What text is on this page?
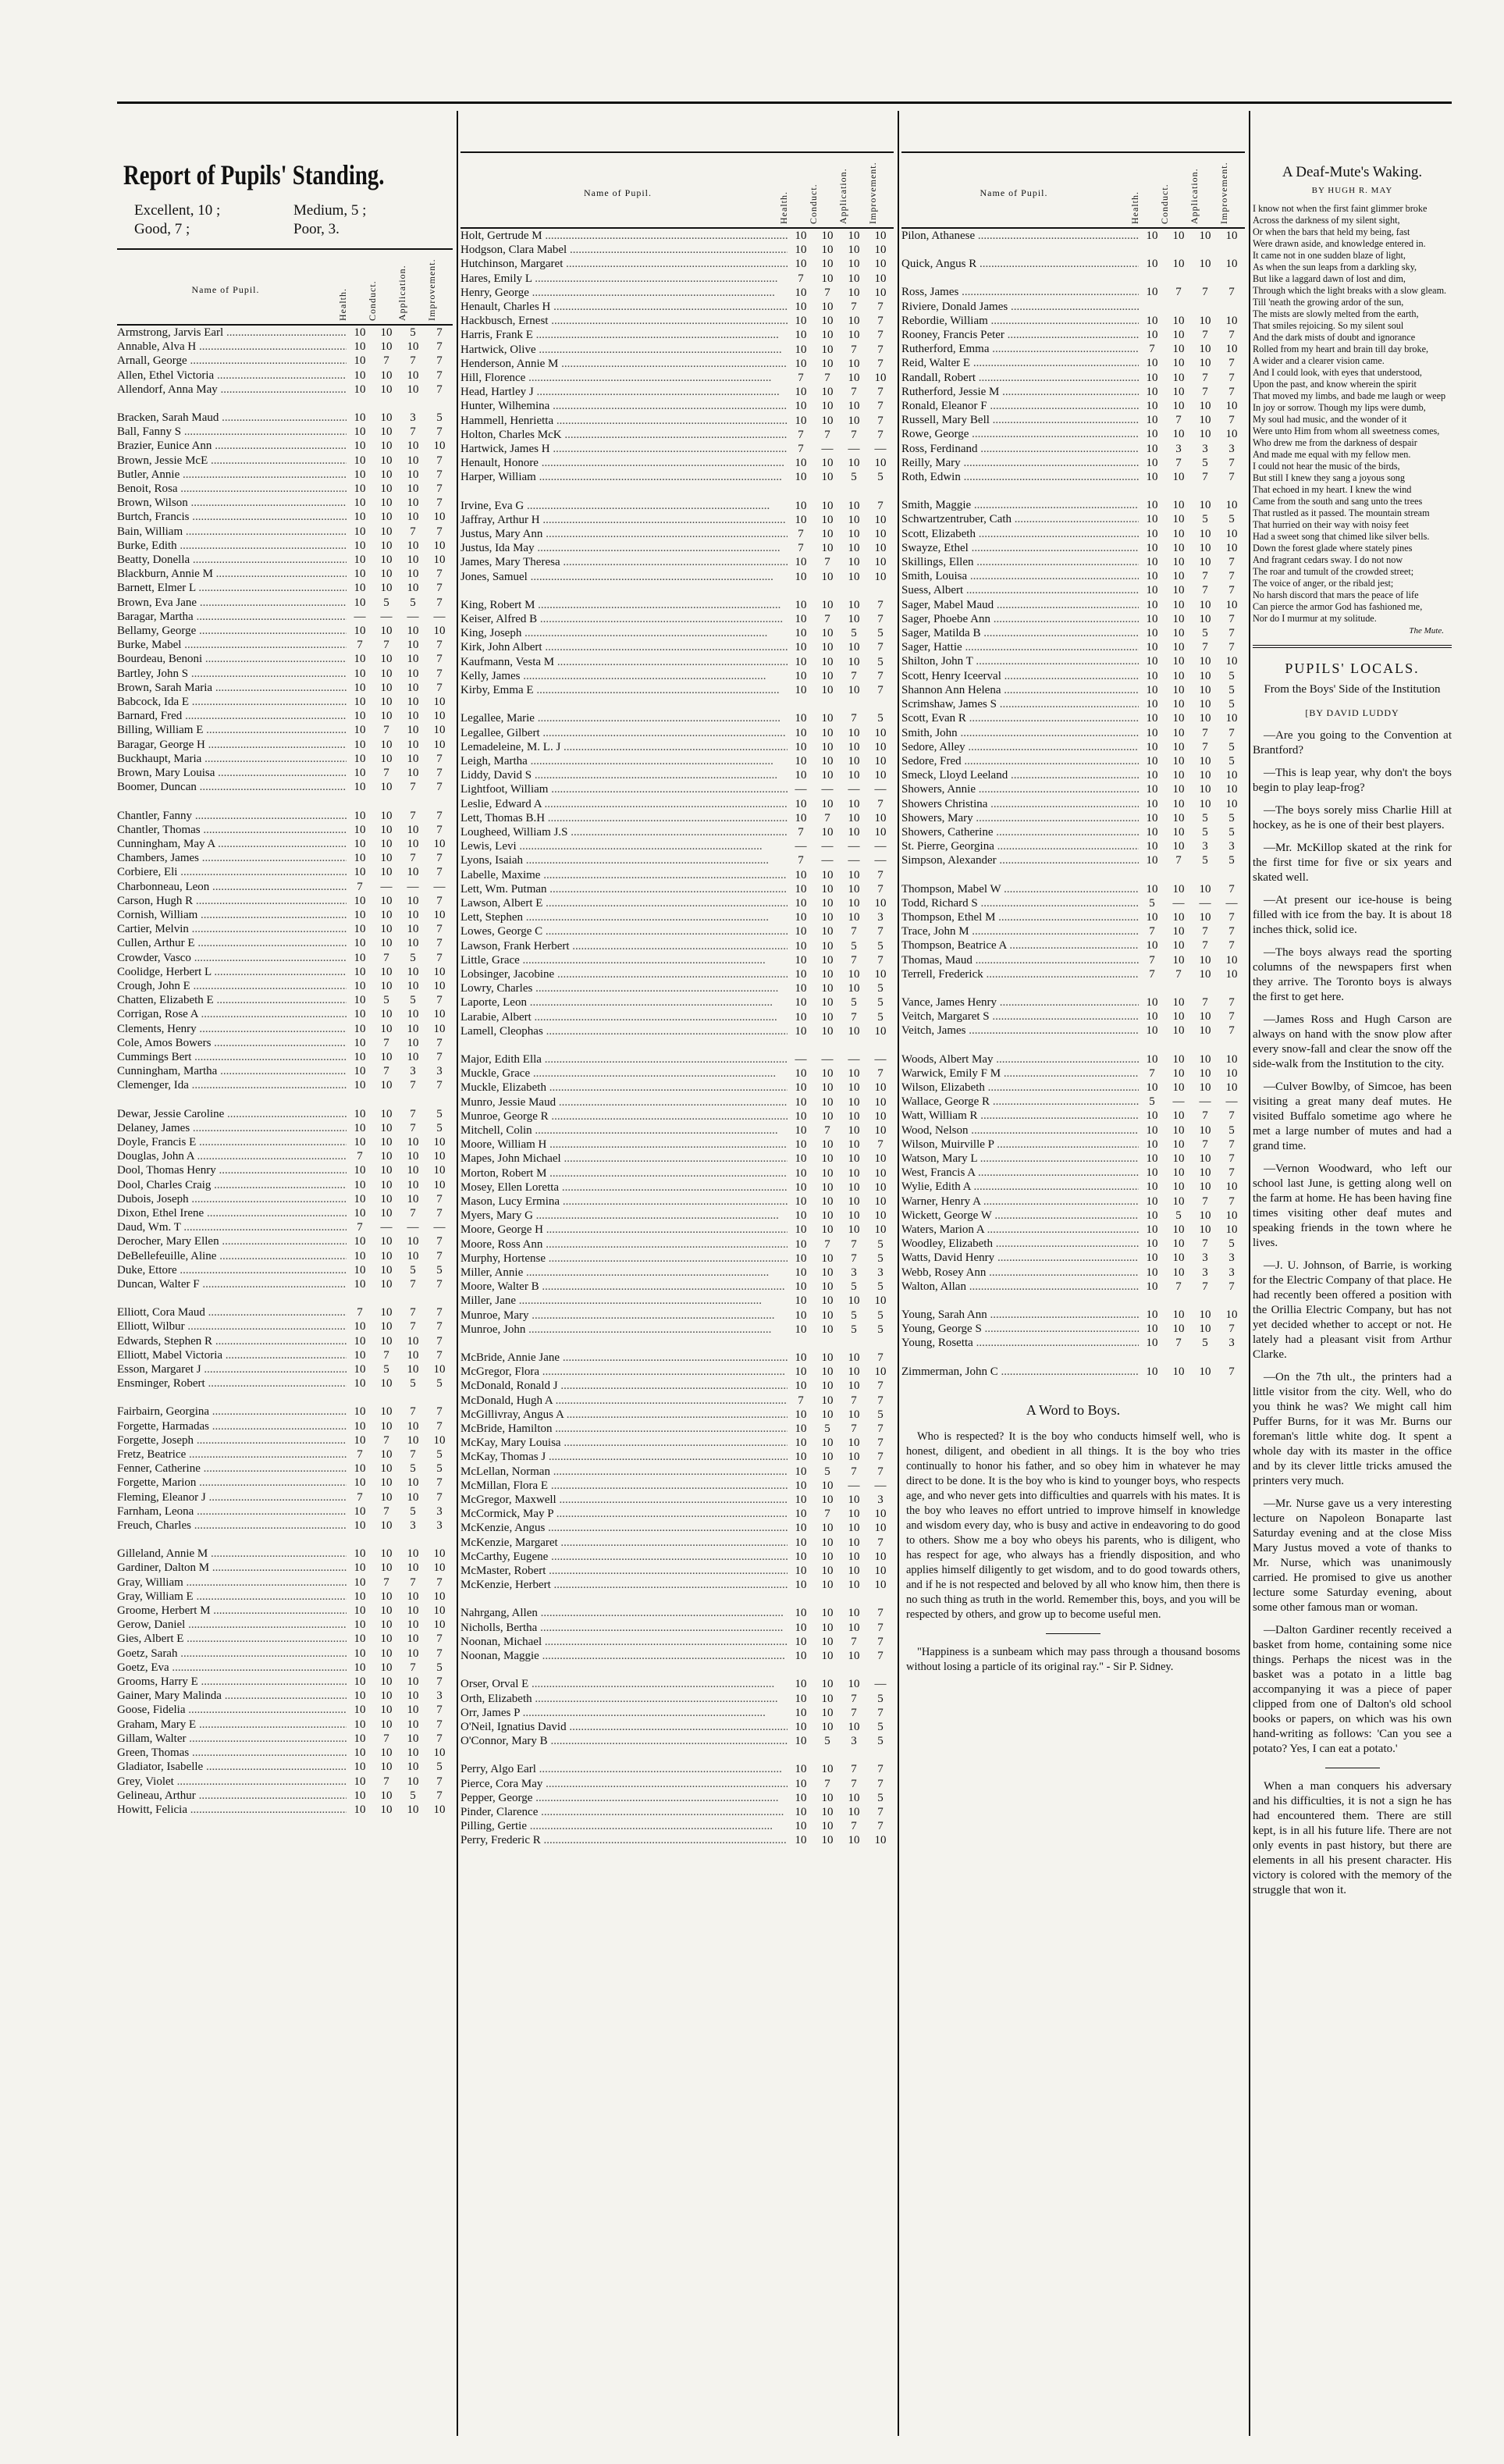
Report of Pupils' Standing.
Excellent, 10 ;	Medium, 5 ;
Good, 7 ;	Poor, 3.
Name of Pupil.	Health. Conduct. Application. Improvement.
Armstrong, Jarvis Earl .....	10	10	5	7
Annable, Alva H .....	10	10	10	7
Arnall, George .....	10	7	7	7
Allen, Ethel Victoria .....	10	10	10	7
Allendorf, Anna May .....	10	10	10	7
Bracken, Sarah Maud .....	10	10	3	5
Ball, Fanny S .....	10	10	7	7
Brazier, Eunice Ann .....	10	10	10	10
Brown, Jessie McE .....	10	10	10	7
Butler, Annie .....	10	10	10	7
Benoit, Rosa .....	10	10	10	7
Brown, Wilson .....	10	10	10	7
Burtch, Francis .....	10	10	10	10
Bain, William .....	10	10	7	7
Burke, Edith .....	10	10	10	10
Beatty, Donella .....	10	10	10	10
Blackburn, Annie M .....	10	10	10	7
Barnett, Elmer L .....	10	10	10	7
Brown, Eva Jane .....	10	5	5	7
Baragar, Martha .....	—	—	—	—
Bellamy, George .....	10	10	10	10
Burke, Mabel .....	7	7	10	7
Bourdeau, Benoni .....	10	10	10	7
Bartley, John S .....	10	10	10	7
Brown, Sarah Maria .....	10	10	10	7
Babcock, Ida E .....	10	10	10	10
Barnard, Fred .....	10	10	10	10
Billing, William E .....	10	7	10	10
Baragar, George H .....	10	10	10	10
Buckhaupt, Maria .....	10	10	10	7
Brown, Mary Louisa .....	10	7	10	7
Boomer, Duncan .....	10	10	7	7
Chantler, Fanny .....	10	10	7	7
Chantler, Thomas .....	10	10	10	7
Cunningham, May A .....	10	10	10	10
Chambers, James .....	10	10	7	7
Corbiere, Eli .....	10	10	10	7
Charbonneau, Leon .....	7	—	—	—
Carson, Hugh R .....	10	10	10	7
Cornish, William .....	10	10	10	10
Cartier, Melvin .....	10	10	10	7
Cullen, Arthur E .....	10	10	10	7
Crowder, Vasco .....	10	7	5	7
Coolidge, Herbert L .....	10	10	10	10
Crough, John E .....	10	10	10	10
Chatten, Elizabeth E .....	10	5	5	7
Corrigan, Rose A .....	10	10	10	10
Clements, Henry .....	10	10	10	10
Cole, Amos Bowers .....	10	7	10	7
Cummings Bert .....	10	10	10	7
Cunningham, Martha .....	10	7	3	3
Clemenger, Ida .....	10	10	7	7
Dewar, Jessie Caroline .....	10	10	7	5
Delaney, James .....	10	10	7	5
Doyle, Francis E .....	10	10	10	10
Douglas, John A .....	7	10	10	10
Dool, Thomas Henry .....	10	10	10	10
Dool, Charles Craig .....	10	10	10	10
Dubois, Joseph .....	10	10	10	7
Dixon, Ethel Irene .....	10	10	7	7
Daud, Wm. T .....	7	—	—	—
Derocher, Mary Ellen .....	10	10	10	7
DeBellefeuille, Aline .....	10	10	10	7
Duke, Ettore .....	10	10	5	5
Duncan, Walter F .....	10	10	7	7
Elliott, Cora Maud .....	7	10	7	7
Elliott, Wilbur .....	10	10	7	7
Edwards, Stephen R .....	10	10	10	7
Elliott, Mabel Victoria .....	10	7	10	7
Esson, Margaret J .....	10	5	10	10
Ensminger, Robert .....	10	10	5	5
Fairbairn, Georgina .....	10	10	7	7
Forgette, Harmadas .....	10	10	10	7
Forgette, Joseph .....	10	7	10	10
Fretz, Beatrice .....	7	10	7	5
Fenner, Catherine .....	10	10	5	5
Forgette, Marion .....	10	10	10	7
Fleming, Eleanor J .....	7	10	10	7
Farnham, Leona .....	10	7	5	3
Freuch, Charles .....	10	10	3	3
Gilleland, Annie M .....	10	10	10	10
Gardiner, Dalton M .....	10	10	10	10
Gray, William .....	10	7	7	7
Gray, William E .....	10	10	10	10
Groome, Herbert M .....	10	10	10	10
Gerow, Daniel .....	10	10	10	10
Gies, Albert E .....	10	10	10	7
Goetz, Sarah .....	10	10	10	7
Goetz, Eva .....	10	10	7	5
Grooms, Harry E .....	10	10	10	7
Gainer, Mary Malinda .....	10	10	10	3
Goose, Fidelia .....	10	10	10	7
Graham, Mary E .....	10	10	10	7
Gillam, Walter .....	10	7	10	7
Green, Thomas .....	10	10	10	10
Gladiator, Isabelle .....	10	10	10	5
Grey, Violet .....	10	7	10	7
Gelineau, Arthur .....	10	10	5	7
Howitt, Felicia .....	10	10	10	10
Name of Pupil.	Health. Conduct. Application. Improvement.
Holt, Gertrude M .....	10	10	10	10
Hodgson, Clara Mabel .....	10	10	10	10
Hutchinson, Margaret .....	10	10	10	10
Hares, Emily L .....	7	10	10	10
Henry, George .....	10	7	10	10
Henault, Charles H .....	10	10	7	7
Hackbusch, Ernest .....	10	10	10	7
Harris, Frank E .....	10	10	10	7
Hartwick, Olive .....	10	10	7	7
Henderson, Annie M .....	10	10	10	7
Hill, Florence .....	7	7	10	10
Head, Hartley J .....	10	10	7	7
Hunter, Wilhemina .....	10	10	10	7
Hammell, Henrietta .....	10	10	10	7
Holton, Charles McK .....	7	7	7	7
Hartwick, James H .....	7	—	—	—
Henault, Honore .....	10	10	10	10
Harper, William .....	10	10	5	5
Irvine, Eva G .....	10	10	10	7
Jaffray, Arthur H .....	10	10	10	10
Justus, Mary Ann .....	7	10	10	10
Justus, Ida May .....	7	10	10	10
James, Mary Theresa .....	10	7	10	10
Jones, Samuel .....	10	10	10	10
King, Robert M .....	10	10	10	7
Keiser, Alfred B .....	10	7	10	7
King, Joseph .....	10	10	5	5
Kirk, John Albert .....	10	10	10	7
Kaufmann, Vesta M .....	10	10	10	5
Kelly, James .....	10	10	7	7
Kirby, Emma E .....	10	10	10	7
Legallee, Marie .....	10	10	7	5
Legallee, Gilbert .....	10	10	10	10
Lemadeleine, M. L. J .....	10	10	10	10
Leigh, Martha .....	10	10	10	10
Liddy, David S .....	10	10	10	10
Lightfoot, William .....	—	—	—	—
Leslie, Edward A .....	10	10	10	7
Lett, Thomas B.H .....	10	7	10	10
Lougheed, William J.S .....	7	10	10	10
Lewis, Levi .....	—	—	—	—
Lyons, Isaiah .....	7	—	—	—
Labelle, Maxime .....	10	10	10	7
Lett, Wm. Putman .....	10	10	10	7
Lawson, Albert E .....	10	10	10	10
Lett, Stephen .....	10	10	10	3
Lowes, George C .....	10	10	7	7
Lawson, Frank Herbert .....	10	10	5	5
Little, Grace .....	10	10	7	7
Lobsinger, Jacobine .....	10	10	10	10
Lowry, Charles .....	10	10	10	5
Laporte, Leon .....	10	10	5	5
Larabie, Albert .....	10	10	7	5
Lamell, Cleophas .....	10	10	10	10
Major, Edith Ella .....	—	—	—	—
Muckle, Grace .....	10	10	10	7
Muckle, Elizabeth .....	10	10	10	10
Munro, Jessie Maud .....	10	10	10	10
Munroe, George R .....	10	10	10	10
Mitchell, Colin .....	10	7	10	10
Moore, William H .....	10	10	10	7
Mapes, John Michael .....	10	10	10	10
Morton, Robert M .....	10	10	10	10
Mosey, Ellen Loretta .....	10	10	10	10
Mason, Lucy Ermina .....	10	10	10	10
Myers, Mary G .....	10	10	10	10
Moore, George H .....	10	10	10	10
Moore, Ross Ann .....	10	7	7	5
Murphy, Hortense .....	10	10	7	5
Miller, Annie .....	10	10	3	3
Moore, Walter B .....	10	10	5	5
Miller, Jane .....	10	10	10	10
Munroe, Mary .....	10	10	5	5
Munroe, John .....	10	10	5	5
McBride, Annie Jane .....	10	10	10	7
McGregor, Flora .....	10	10	10	10
McDonald, Ronald J .....	10	10	10	7
McDonald, Hugh A .....	7	10	7	7
McGillivray, Angus A .....	10	10	10	5
McBride, Hamilton .....	10	5	7	7
McKay, Mary Louisa .....	10	10	10	7
McKay, Thomas J .....	10	10	10	7
McLellan, Norman .....	10	5	7	7
McMillan, Flora E .....	10	10	—	—
McGregor, Maxwell .....	10	10	10	3
McCormick, May P .....	10	7	10	10
McKenzie, Angus .....	10	10	10	10
McKenzie, Margaret .....	10	10	10	7
McCarthy, Eugene .....	10	10	10	10
McMaster, Robert .....	10	10	10	10
McKenzie, Herbert .....	10	10	10	10
Nahrgang, Allen .....	10	10	10	7
Nicholls, Bertha .....	10	10	10	7
Noonan, Michael .....	10	10	7	7
Noonan, Maggie .....	10	10	10	7
Orser, Orval E .....	10	10	10	—
Orth, Elizabeth .....	10	10	7	5
Orr, James P .....	10	10	7	7
O'Neil, Ignatius David .....	10	10	10	5
O'Connor, Mary B .....	10	5	3	5
Perry, Algo Earl .....	10	10	7	7
Pierce, Cora May .....	10	7	7	7
Pepper, George .....	10	10	10	5
Pinder, Clarence .....	10	10	10	7
Pilling, Gertie .....	10	10	7	7
Perry, Frederic R .....	10	10	10	10
Name of Pupil.	Health. Conduct. Application. Improvement.
Pilon, Athanese .....	10	10	10	10
Quick, Angus R .....	10	10	10	10
Ross, James .....	10	7	7	7
Riviere, Donald James .....
Rebordie, William .....	10	10	10	10
Rooney, Francis Peter .....	10	10	7	7
Rutherford, Emma .....	7	10	10	10
Reid, Walter E .....	10	10	10	7
Randall, Robert .....	10	10	7	7
Rutherford, Jessie M .....	10	10	7	7
Ronald, Eleanor F .....	10	10	10	10
Russell, Mary Bell .....	10	7	10	7
Rowe, George .....	10	10	10	10
Ross, Ferdinand .....	10	3	3	3
Reilly, Mary .....	10	7	5	7
Roth, Edwin .....	10	10	7	7
Smith, Maggie .....	10	10	10	10
Schwartzentruber, Cath .....	10	10	5	5
Scott, Elizabeth .....	10	10	10	10
Swayze, Ethel .....	10	10	10	10
Skillings, Ellen .....	10	10	10	7
Smith, Louisa .....	10	10	7	7
Suess, Albert .....	10	10	7	7
Sager, Mabel Maud .....	10	10	10	10
Sager, Phoebe Ann .....	10	10	10	7
Sager, Matilda B .....	10	10	5	7
Sager, Hattie .....	10	10	7	7
Shilton, John T .....	10	10	10	10
Scott, Henry Iceerval .....	10	10	10	5
Shannon Ann Helena .....	10	10	10	5
Scrimshaw, James S .....	10	10	10	5
Scott, Evan R .....	10	10	10	10
Smith, John .....	10	10	7	7
Sedore, Alley .....	10	10	7	5
Sedore, Fred .....	10	10	10	5
Smeck, Lloyd Leeland .....	10	10	10	10
Showers, Annie .....	10	10	10	10
Showers Christina .....	10	10	10	10
Showers, Mary .....	10	10	5	5
Showers, Catherine .....	10	10	5	5
St. Pierre, Georgina .....	10	10	3	3
Simpson, Alexander .....	10	7	5	5
Thompson, Mabel W .....	10	10	10	7
Todd, Richard S .....	5	—	—	—
Thompson, Ethel M .....	10	10	10	7
Trace, John M .....	7	10	7	7
Thompson, Beatrice A .....	10	10	7	7
Thomas, Maud .....	7	10	10	10
Terrell, Frederick .....	7	7	10	10
Vance, James Henry .....	10	10	7	7
Veitch, Margaret S .....	10	10	10	7
Veitch, James .....	10	10	10	7
Woods, Albert May .....	10	10	10	10
Warwick, Emily F M .....	7	10	10	10
Wilson, Elizabeth .....	10	10	10	10
Wallace, George R .....	5	—	—	—
Watt, William R .....	10	10	7	7
Wood, Nelson .....	10	10	10	5
Wilson, Muirville P .....	10	10	7	7
Watson, Mary L .....	10	10	10	7
West, Francis A .....	10	10	10	7
Wylie, Edith A .....	10	10	10	10
Warner, Henry A .....	10	10	7	7
Wickett, George W .....	10	5	10	10
Waters, Marion A .....	10	10	10	10
Woodley, Elizabeth .....	10	10	7	5
Watts, David Henry .....	10	10	3	3
Webb, Rosey Ann .....	10	10	3	3
Walton, Allan .....	10	7	7	7
Young, Sarah Ann .....	10	10	10	10
Young, George S .....	10	10	10	7
Young, Rosetta .....	10	7	5	3
Zimmerman, John C .....	10	10	10	7
A Word to Boys.

Who is respected? It is the boy who conducts himself well, who is honest, diligent, and obedient in all things. It is the boy who tries continually to honor his father, and so obey him in whatever he may direct to be done. It is the boy who is kind to younger boys, who respects age, and who never gets into difficulties and quarrels with his mates. It is the boy who leaves no effort untried to improve himself in knowledge and wisdom every day, who is busy and active in endeavoring to do good to others. Show me a boy who obeys his parents, who is diligent, who has respect for age, who always has a friendly disposition, and who applies himself diligently to get wisdom, and to do good towards others, and if he is not respected and beloved by all who know him, then there is no such thing as truth in the world. Remember this, boys, and you will be respected by others, and grow up to become useful men.

"Happiness is a sunbeam which may pass through a thousand bosoms without losing a particle of its original ray." - Sir P. Sidney.

A Deaf-Mute's Waking.
BY HUGH R. MAY
I know not when the first faint glimmer broke
Across the darkness of my silent sight,
Or when the bars that held my being, fast
Were drawn aside, and knowledge entered in.
It came not in one sudden blaze of light,
As when the sun leaps from a darkling sky,
But like a laggard dawn of lost and dim,
Through which the light breaks with a slow gleam.
Till 'neath the growing ardor of the sun,
The mists are slowly melted from the earth,
That smiles rejoicing. So my silent soul
And the dark mists of doubt and ignorance
Rolled from my heart and brain till day broke,
A wider and a clearer vision came.
And I could look, with eyes that understood,
Upon the past, and know wherein the spirit
That moved my limbs, and bade me laugh or weep
In joy or sorrow. Though my lips were dumb,
My soul had music, and the wonder of it
Were unto Him from whom all sweetness comes,
Who drew me from the darkness of despair
And made me equal with my fellow men.
I could not hear the music of the birds,
But still I knew they sang a joyous song
That echoed in my heart. I knew the wind
Came from the south and sang unto the trees
That rustled as it passed. The mountain stream
That hurried on their way with noisy feet
Had a sweet song that chimed like silver bells.
Down the forest glade where stately pines
And fragrant cedars sway. I do not now
The roar and tumult of the crowded street;
The voice of anger, or the ribald jest;
No harsh discord that mars the peace of life
Can pierce the armor God has fashioned me,
Nor do I murmur at my solitude.
The Mute.
PUPILS' LOCALS.
From the Boys' Side of the Institution
[BY DAVID LUDDY

—Are you going to the Convention at Brantford?

—This is leap year, why don't the boys begin to play leap-frog?

—The boys sorely miss Charlie Hill at hockey, as he is one of their best players.

—Mr. McKillop skated at the rink for the first time for five or six years and skated well.

—At present our ice-house is being filled with ice from the bay. It is about 18 inches thick, solid ice.

—The boys always read the sporting columns of the newspapers first when they arrive. The Toronto boys is always the first to get here.

—James Ross and Hugh Carson are always on hand with the snow plow after every snow-fall and clear the snow off the side-walk from the Institution to the city.

—Culver Bowlby, of Simcoe, has been visiting a great many deaf mutes. He visited Buffalo sometime ago where he met a large number of mutes and had a grand time.

—Vernon Woodward, who left our school last June, is getting along well on the farm at home. He has been having fine times visiting other deaf mutes and speaking friends in the town where he lives.

—J. U. Johnson, of Barrie, is working for the Electric Company of that place. He had recently been offered a position with the Orillia Electric Company, but has not yet decided whether to accept or not. He lately had a pleasant visit from Arthur Clarke.

—On the 7th ult., the printers had a little visitor from the city. Well, who do you think he was? We might call him Puffer Burns, for it was Mr. Burns our foreman's little white dog. It spent a whole day with its master in the office and by its clever little tricks amused the printers very much.

—Mr. Nurse gave us a very interesting lecture on Napoleon Bonaparte last Saturday evening and at the close Miss Mary Justus moved a vote of thanks to Mr. Nurse, which was unanimously carried. He promised to give us another lecture some Saturday evening, about some other famous man or woman.

—Dalton Gardiner recently received a basket from home, containing some nice things. Perhaps the nicest was in the basket was a potato in a little bag accompanying it was a piece of paper clipped from one of Dalton's old school books or papers, on which was his own hand-writing as follows: 'Can you see a potato? Yes, I can eat a potato.'

When a man conquers his adversary and his difficulties, it is not a sign he has had encountered them. There are still kept, is in all his future life. There are not only events in past history, but there are elements in all his present character. His victory is colored with the memory of the struggle that won it.
